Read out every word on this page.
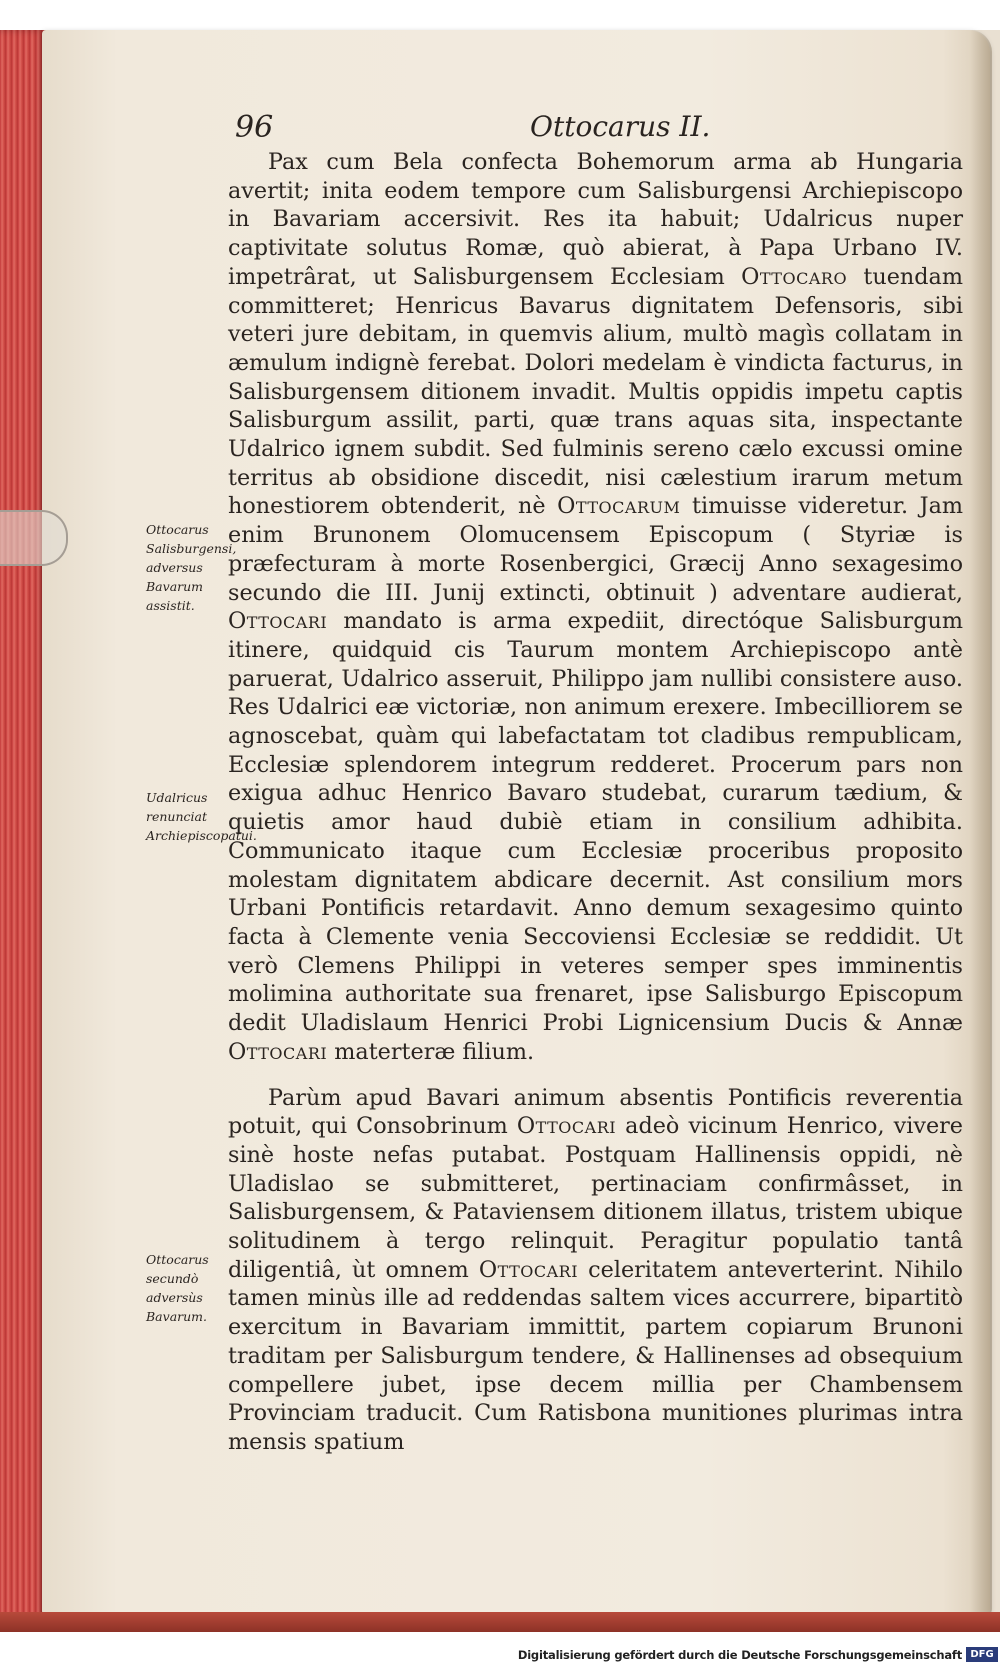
96	Ottocarus II.

Pax cum Bela confecta Bohemorum arma ab Hungaria avertit; inita eodem tempore cum Salisburgensi Archiepiscopo in Bavariam accersivit. Res ita habuit; Udalricus nuper captivitate solutus Romæ, quò abierat, à Papa Urbano IV. impetrârat, ut Salisburgensem Ecclesiam Ottocaro tuendam committeret; Henricus Bavarus dignitatem Defensoris, sibi veteri jure debitam, in quemvis alium, multò magìs collatam in æmulum indignè ferebat. Dolori medelam è vindicta facturus, in Salisburgensem ditionem invadit. Multis oppidis impetu captis Salisburgum assilit, parti, quæ trans aquas sita, inspectante Udalrico ignem subdit. Sed fulminis sereno cælo excussi omine territus ab obsidione discedit, nisi cælestium irarum metum honestiorem obtenderit, nè Ottocarum timuisse videretur. Jam enim Brunonem Olomucensem Episcopum ( Styriæ is præfecturam à morte Rosenbergici, Græcij Anno sexagesimo secundo die III. Junij extincti, obtinuit ) adventare audierat, Ottocari mandato is arma expediit, directóque Salisburgum itinere, quidquid cis Taurum montem Archiepiscopo antè paruerat, Udalrico asseruit, Philippo jam nullibi consistere auso. Res Udalrici eæ victoriæ, non animum erexere. Imbecilliorem se agnoscebat, quàm qui labefactatam tot cladibus rempublicam, Ecclesiæ splendorem integrum redderet. Procerum pars non exigua adhuc Henrico Bavaro studebat, curarum tædium, & quietis amor haud dubiè etiam in consilium adhibita. Communicato itaque cum Ecclesiæ proceribus proposito molestam dignitatem abdicare decernit. Ast consilium mors Urbani Pontificis retardavit. Anno demum sexagesimo quinto facta à Clemente venia Seccoviensi Ecclesiæ se reddidit. Ut verò Clemens Philippi in veteres semper spes imminentis molimina authoritate sua frenaret, ipse Salisburgo Episcopum dedit Uladislaum Henrici Probi Lignicensium Ducis & Annæ Ottocari materteræ filium.

Parùm apud Bavari animum absentis Pontificis reverentia potuit, qui Consobrinum Ottocari adeò vicinum Henrico, vivere sinè hoste nefas putabat. Postquam Hallinensis oppidi, nè Uladislao se submitteret, pertinaciam confirmâsset, in Salisburgensem, & Pataviensem ditionem illatus, tristem ubique solitudinem à tergo relinquit. Peragitur populatio tantâ diligentiâ, ùt omnem Ottocari celeritatem anteverterint. Nihilo tamen minùs ille ad reddendas saltem vices accurrere, bipartitò exercitum in Bavariam immittit, partem copiarum Brunoni traditam per Salisburgum tendere, & Hallinenses ad obsequium compellere jubet, ipse decem millia per Chambensem Provinciam traducit. Cum Ratisbona munitiones plurimas intra mensis spatium

Ottocarus Salisburgensi, adversus Bavarum assistit.
Udalricus renunciat Archiepiscopatui.
Ottocarus secundò adversùs Bavarum.
Digitalisierung gefördert durch die Deutsche Forschungsgemeinschaft DFG
